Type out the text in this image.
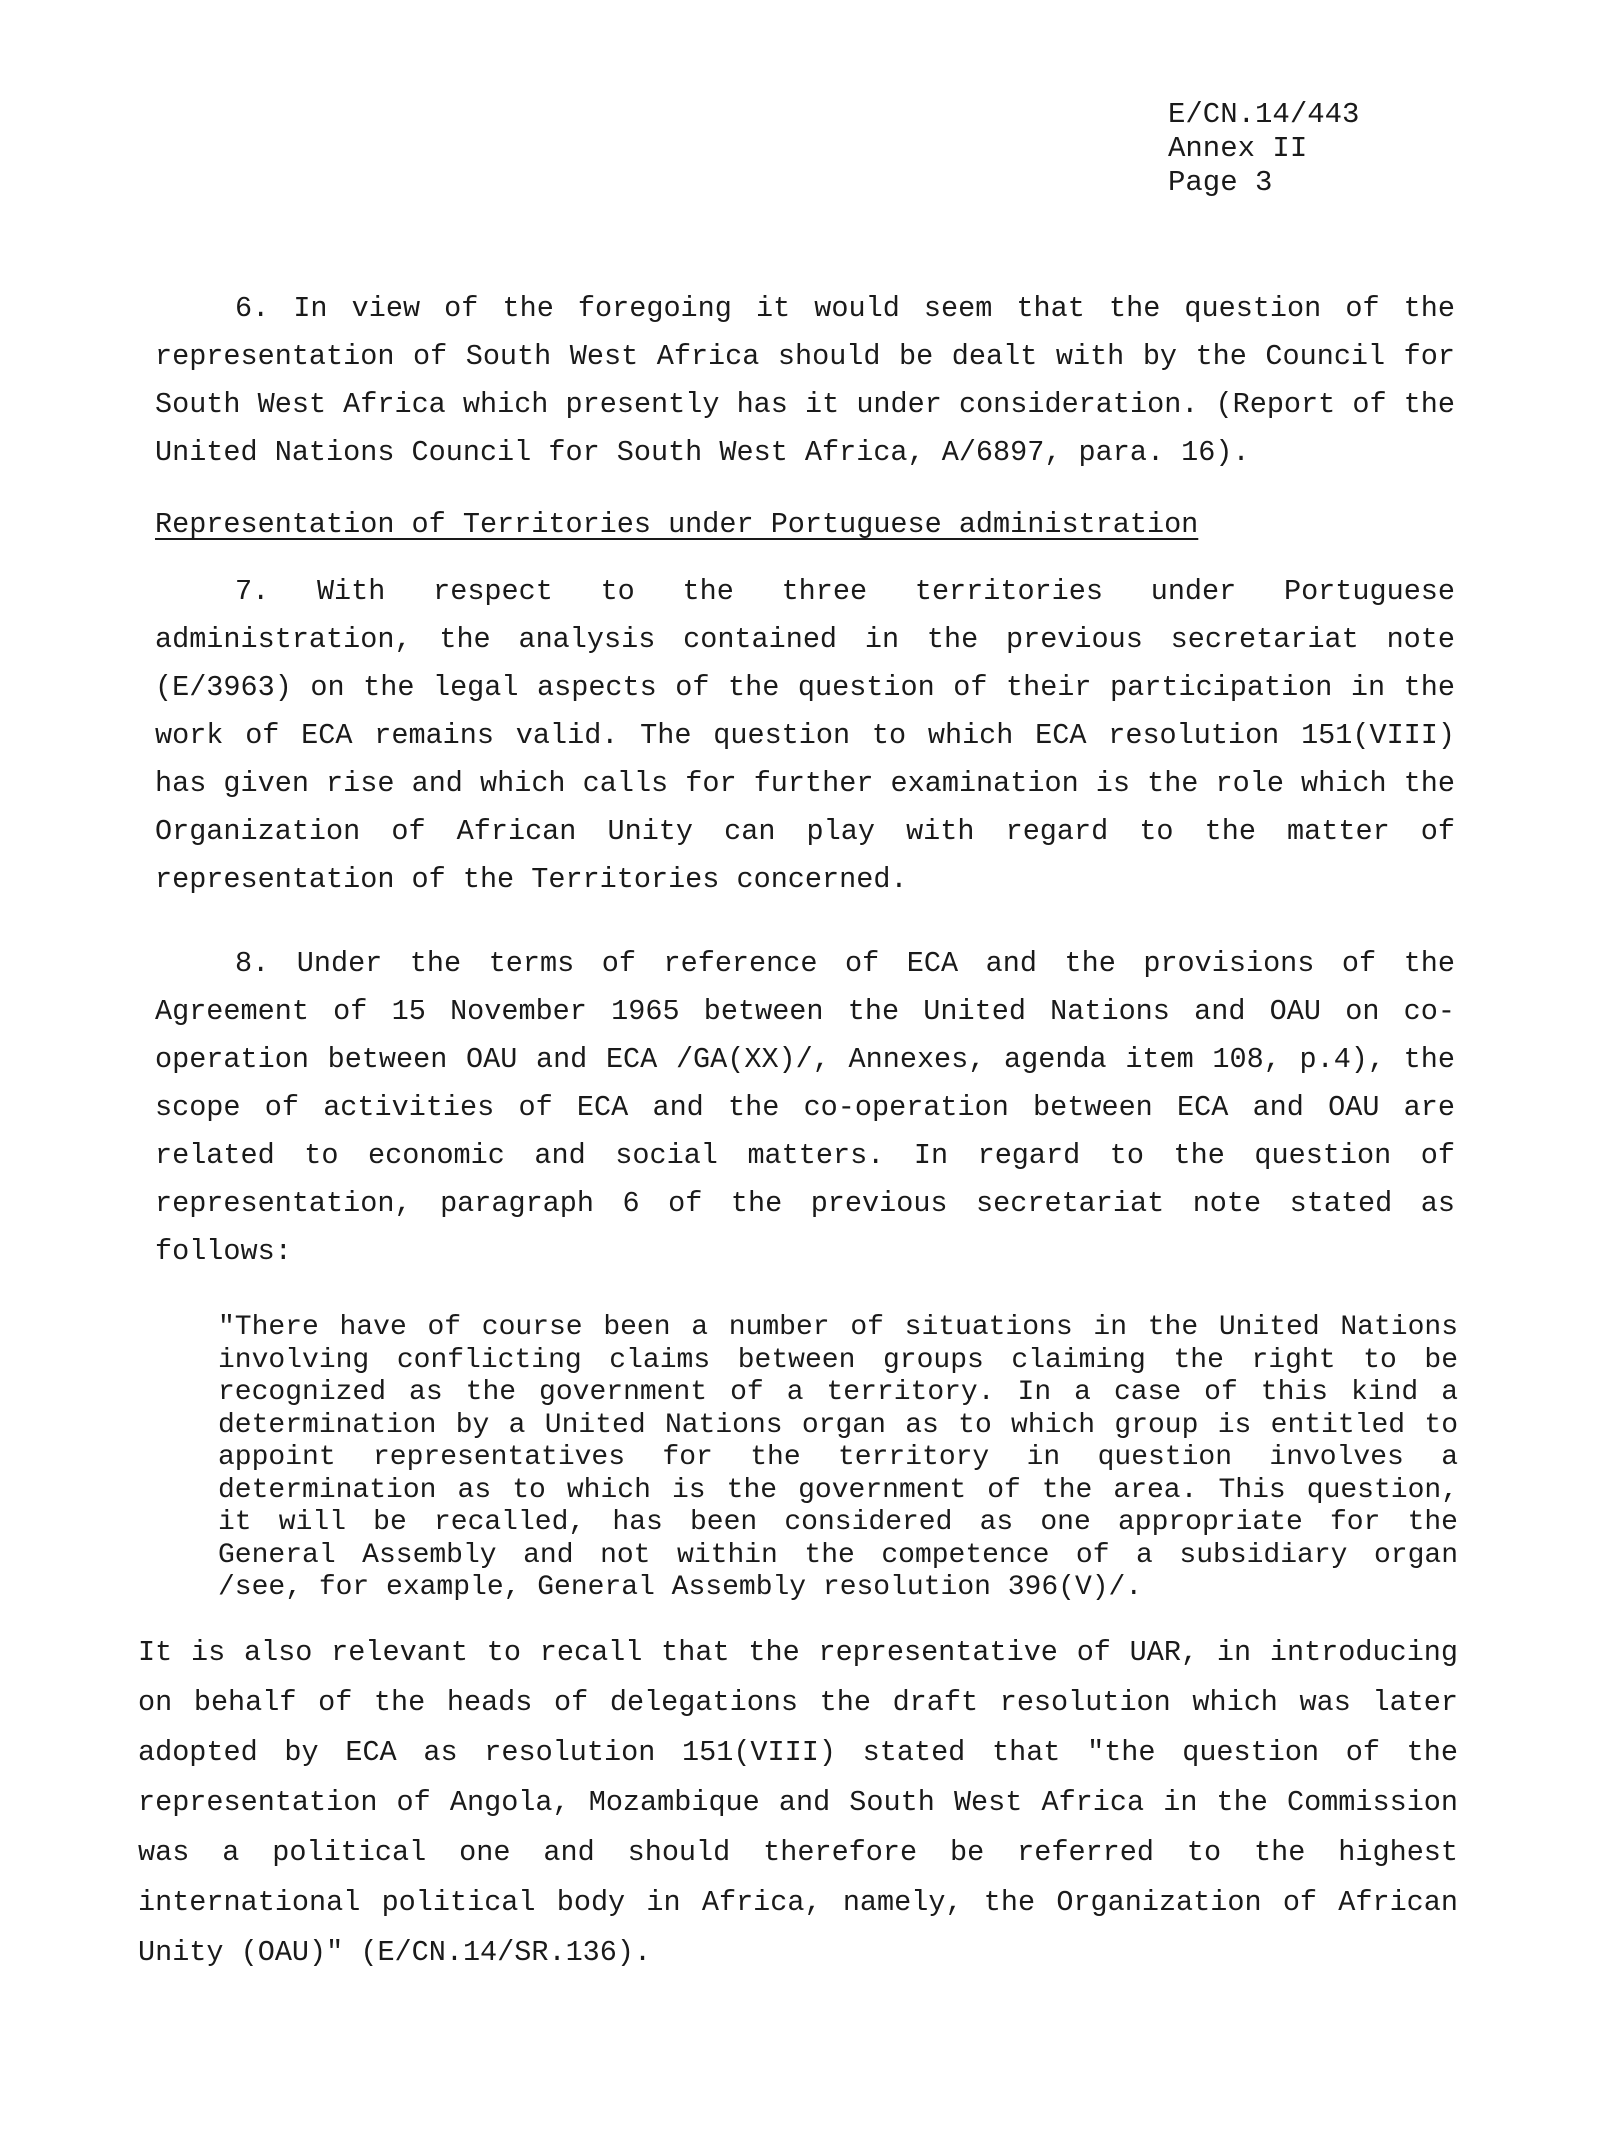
E/CN.14/443
Annex II
Page 3
6. In view of the foregoing it would seem that the question of the representation of South West Africa should be dealt with by the Council for South West Africa which presently has it under consideration. (Report of the United Nations Council for South West Africa, A/6897, para. 16).
Representation of Territories under Portuguese administration
7. With respect to the three territories under Portuguese administration, the analysis contained in the previous secretariat note (E/3963) on the legal aspects of the question of their participation in the work of ECA remains valid. The question to which ECA resolution 151(VIII) has given rise and which calls for further examination is the role which the Organization of African Unity can play with regard to the matter of representation of the Territories concerned.
8. Under the terms of reference of ECA and the provisions of the Agreement of 15 November 1965 between the United Nations and OAU on co-operation between OAU and ECA /GA(XX)/, Annexes, agenda item 108, p.4), the scope of activities of ECA and the co-operation between ECA and OAU are related to economic and social matters. In regard to the question of representation, paragraph 6 of the previous secretariat note stated as follows:
"There have of course been a number of situations in the United Nations involving conflicting claims between groups claiming the right to be recognized as the government of a territory. In a case of this kind a determination by a United Nations organ as to which group is entitled to appoint representatives for the territory in question involves a determination as to which is the government of the area. This question, it will be recalled, has been considered as one appropriate for the General Assembly and not within the competence of a subsidiary organ /see, for example, General Assembly resolution 396(V)/.
It is also relevant to recall that the representative of UAR, in introducing on behalf of the heads of delegations the draft resolution which was later adopted by ECA as resolution 151(VIII) stated that "the question of the representation of Angola, Mozambique and South West Africa in the Commission was a political one and should therefore be referred to the highest international political body in Africa, namely, the Organization of African Unity (OAU)" (E/CN.14/SR.136).
